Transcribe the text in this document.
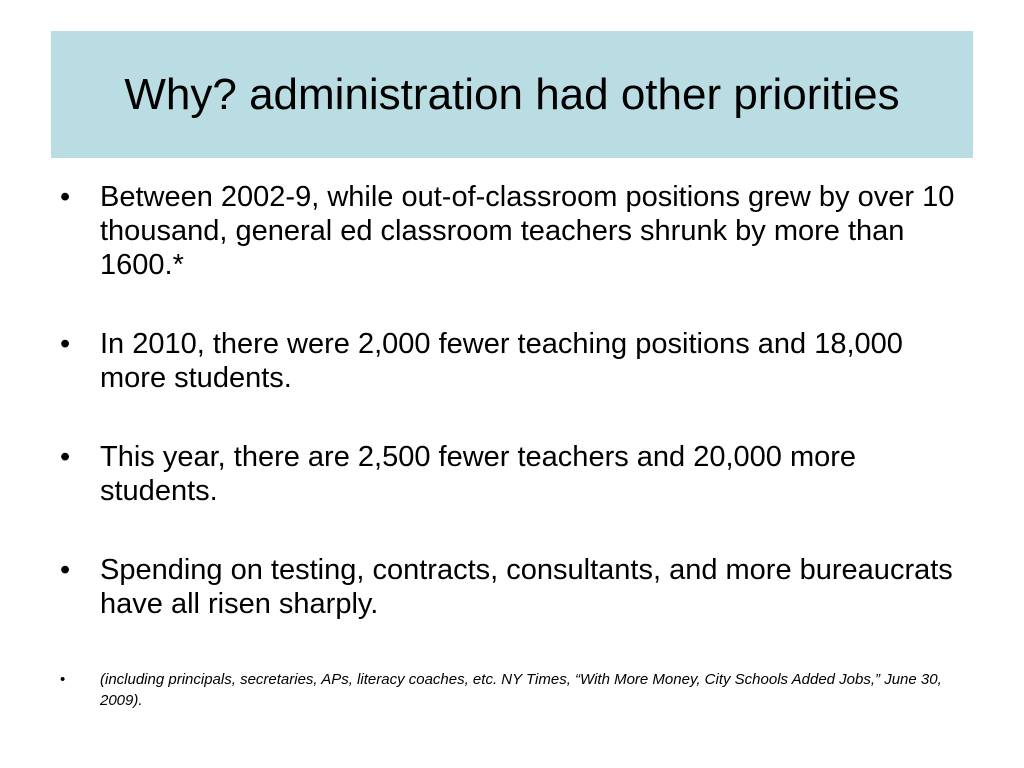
Why? administration had other priorities
•	Between 2002-9, while out-of-classroom positions grew by over 10 thousand, general ed classroom teachers shrunk by more than 1600.*
•	In 2010, there were 2,000 fewer teaching positions and 18,000 more students.
•	This year, there are 2,500 fewer teachers and 20,000 more students.
•	Spending on testing, contracts, consultants, and more bureaucrats have all risen sharply.
•	(including principals, secretaries, APs, literacy coaches, etc. NY Times, “With More Money, City Schools Added Jobs,” June 30, 2009).
